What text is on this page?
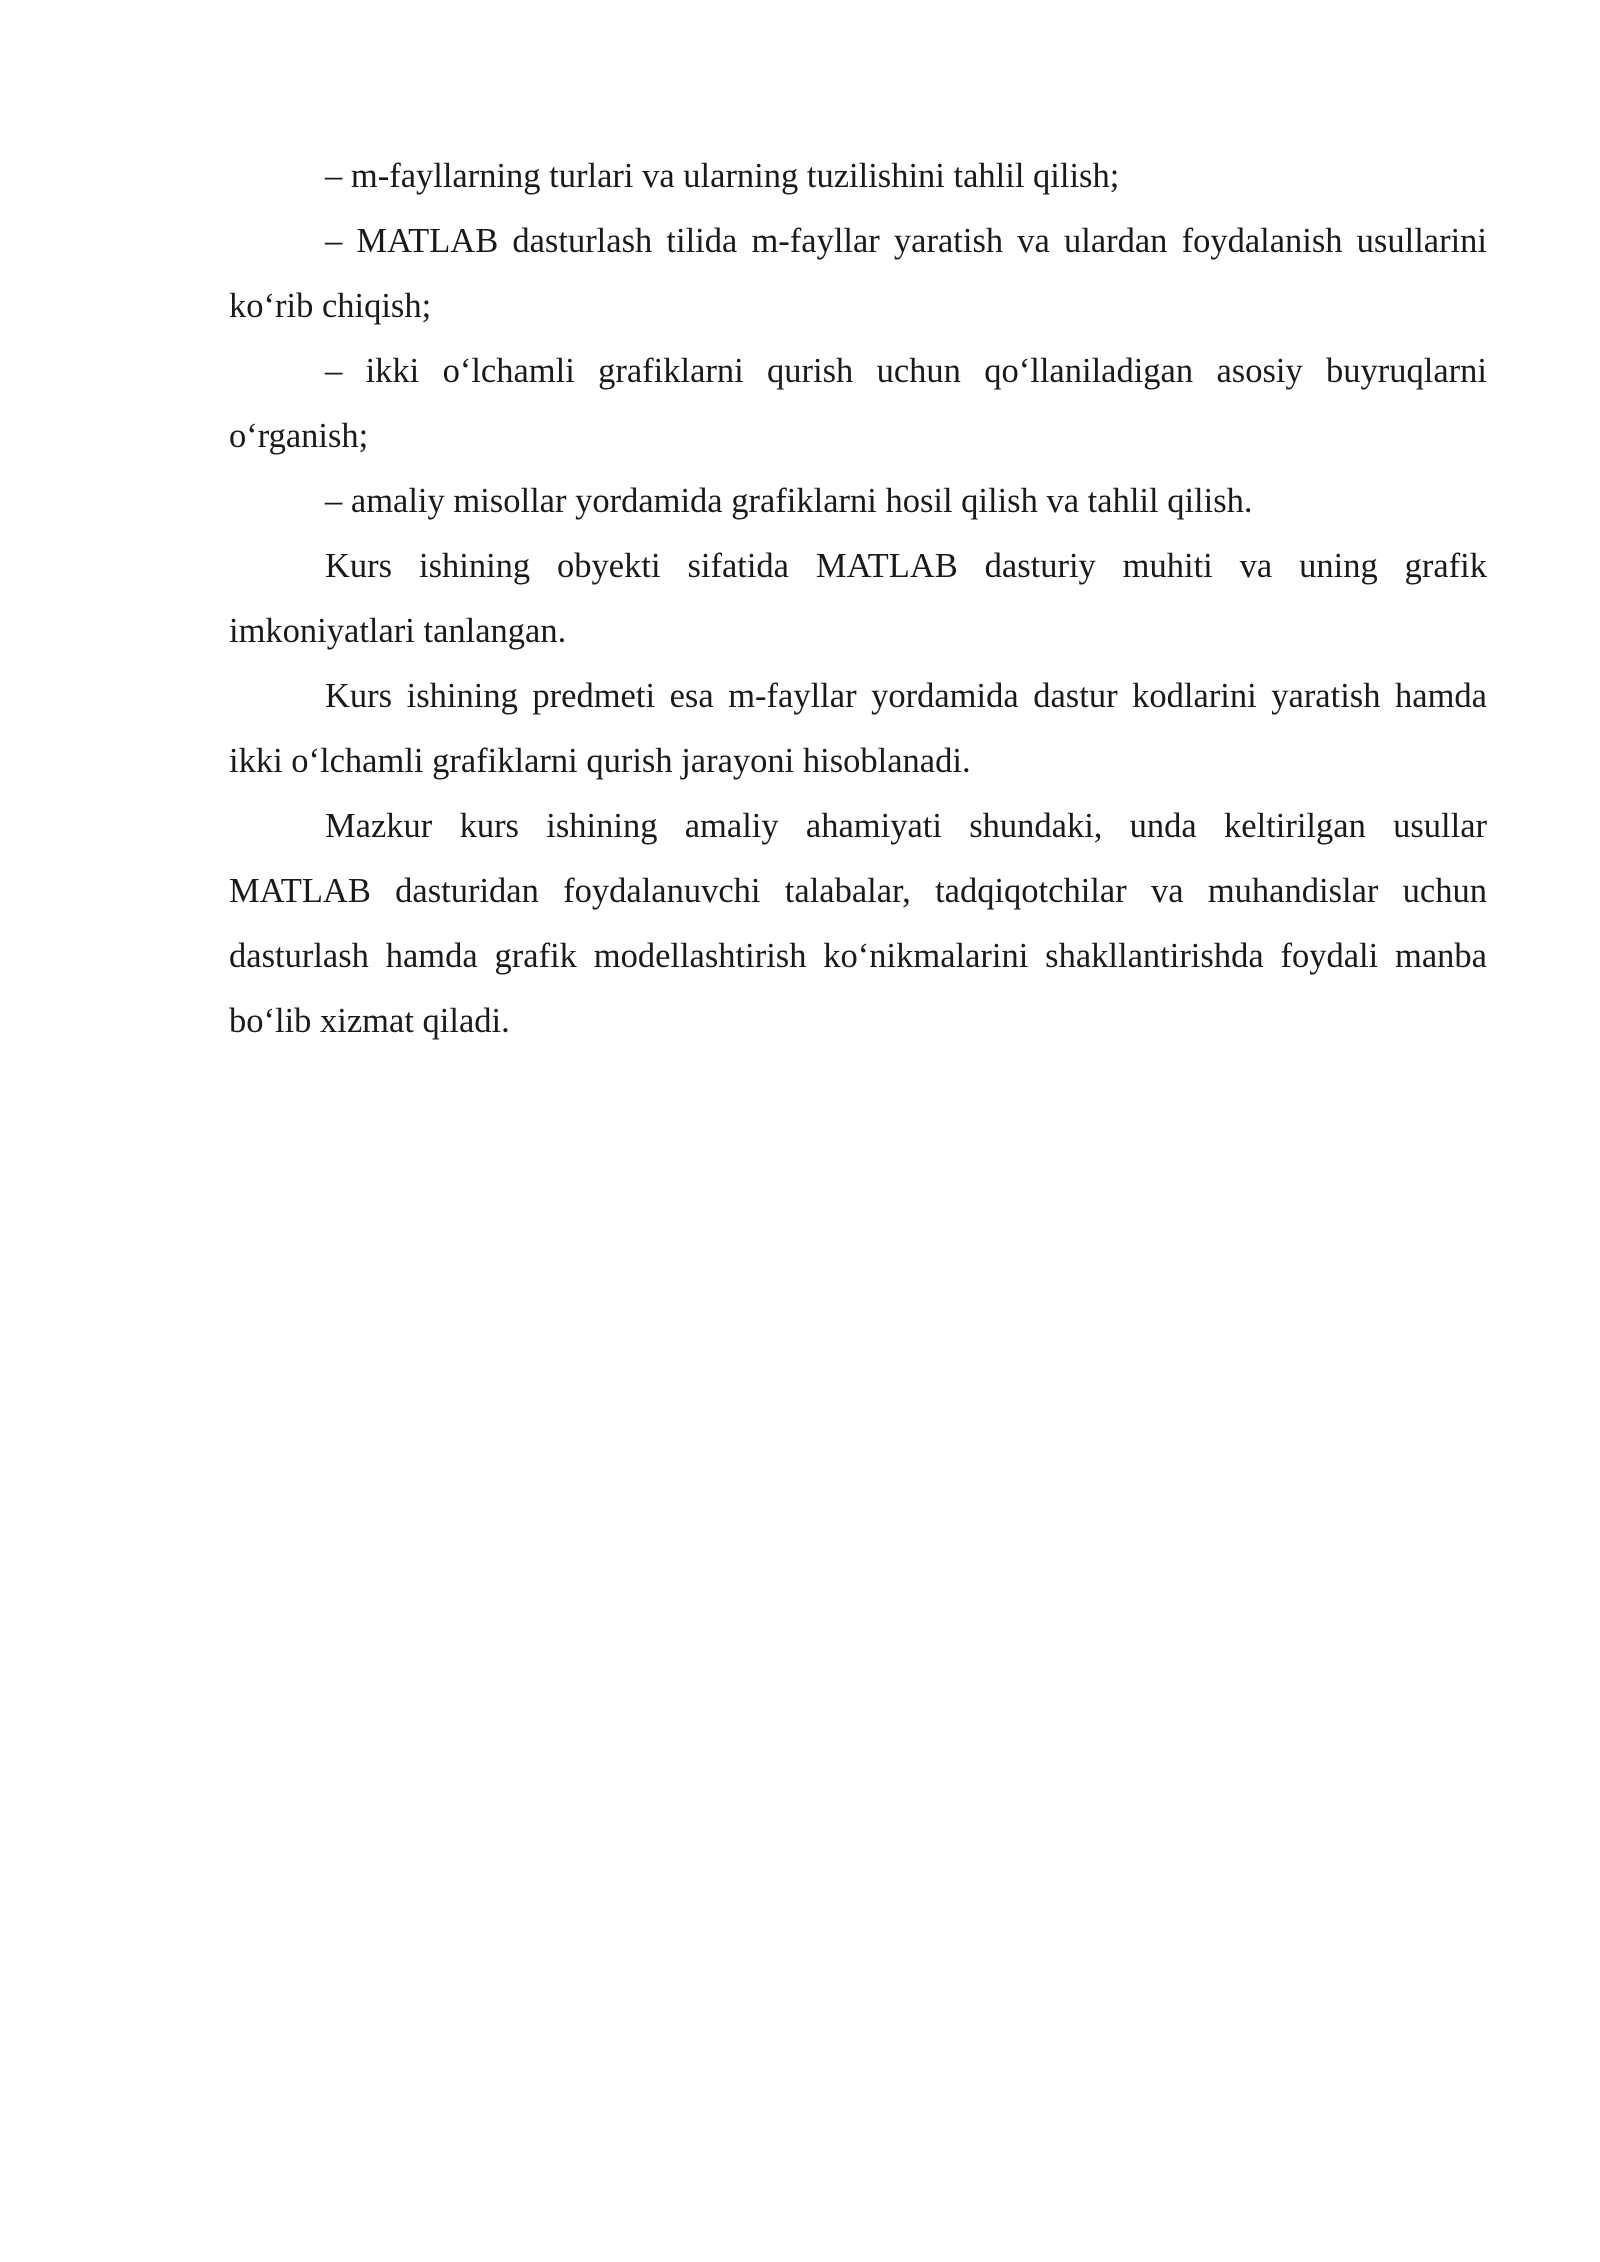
– m-fayllarning turlari va ularning tuzilishini tahlil qilish;

– MATLAB dasturlash tilida m-fayllar yaratish va ulardan foydalanish usullarini ko‘rib chiqish;

– ikki o‘lchamli grafiklarni qurish uchun qo‘llaniladigan asosiy buyruqlarni o‘rganish;

– amaliy misollar yordamida grafiklarni hosil qilish va tahlil qilish.

Kurs ishining obyekti sifatida MATLAB dasturiy muhiti va uning grafik imkoniyatlari tanlangan.

Kurs ishining predmeti esa m-fayllar yordamida dastur kodlarini yaratish hamda ikki o‘lchamli grafiklarni qurish jarayoni hisoblanadi.

Mazkur kurs ishining amaliy ahamiyati shundaki, unda keltirilgan usullar MATLAB dasturidan foydalanuvchi talabalar, tadqiqotchilar va muhandislar uchun dasturlash hamda grafik modellashtirish ko‘nikmalarini shakllantirishda foydali manba bo‘lib xizmat qiladi.
